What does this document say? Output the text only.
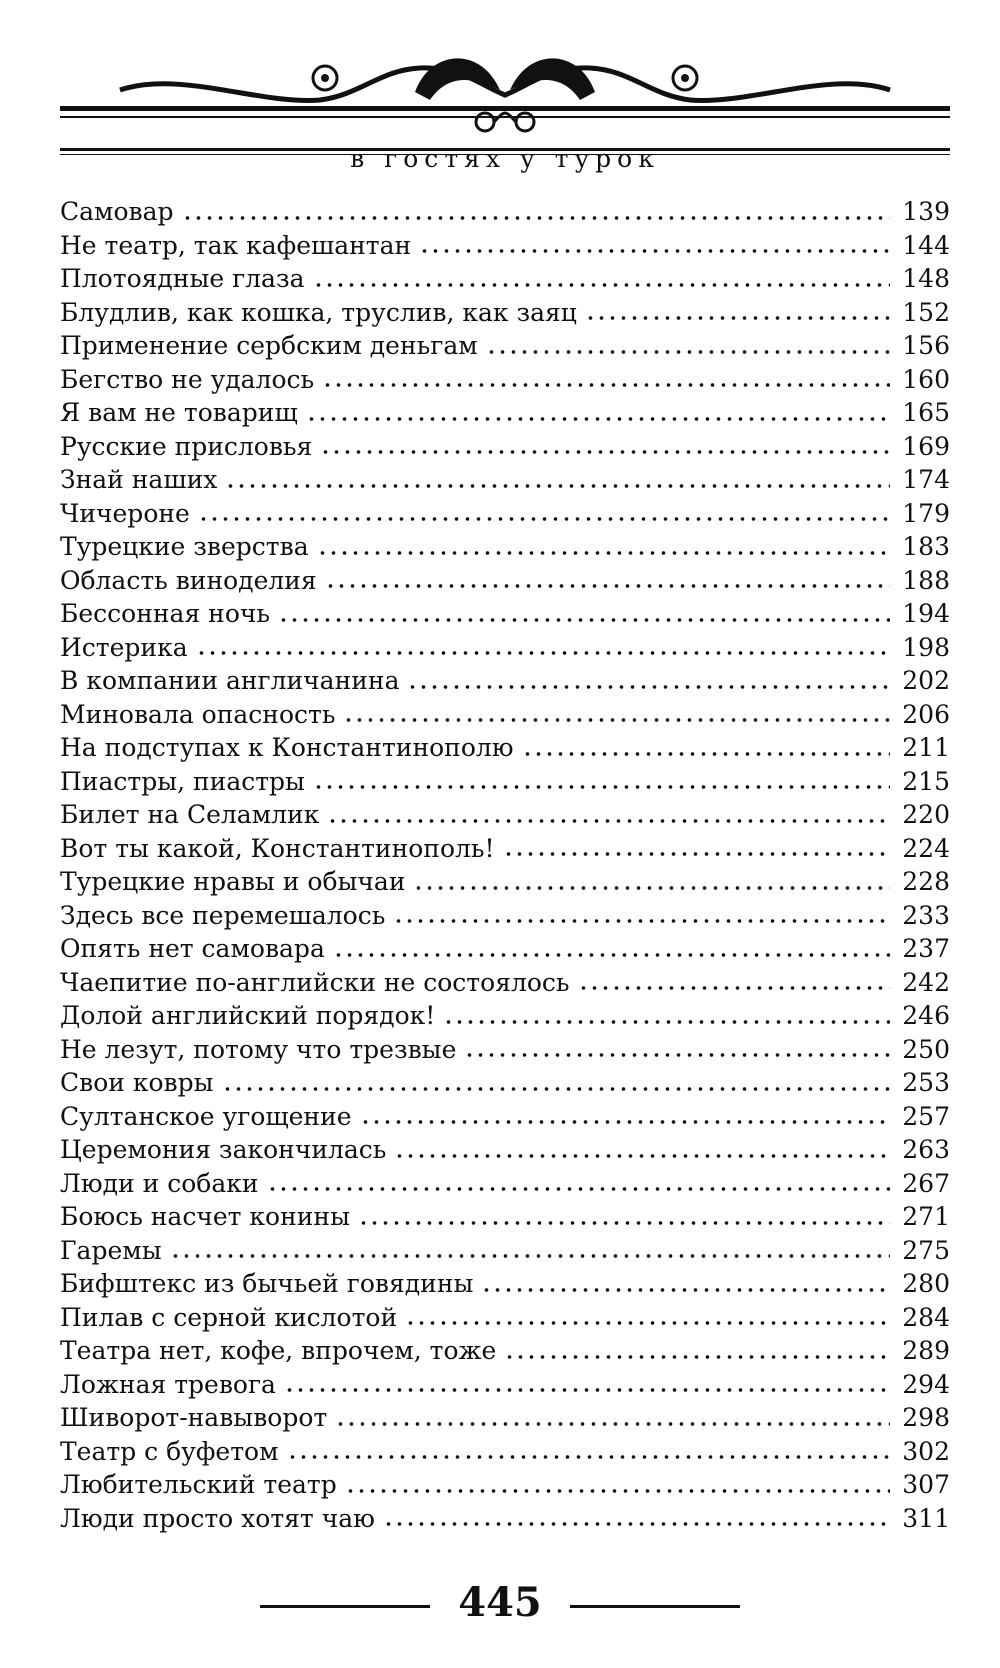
в гостях у турок
Самовар	139
Не театр, так кафешантан	144
Плотоядные глаза	148
Блудлив, как кошка, труслив, как заяц	152
Применение сербским деньгам	156
Бегство не удалось	160
Я вам не товарищ	165
Русские присловья	169
Знай наших	174
Чичероне	179
Турецкие зверства	183
Область виноделия	188
Бессонная ночь	194
Истерика	198
В компании англичанина	202
Миновала опасность	206
На подступах к Константинополю	211
Пиастры, пиастры	215
Билет на Селамлик	220
Вот ты какой, Константинополь!	224
Турецкие нравы и обычаи	228
Здесь все перемешалось	233
Опять нет самовара	237
Чаепитие по-английски не состоялось	242
Долой английский порядок!	246
Не лезут, потому что трезвые	250
Свои ковры	253
Султанское угощение	257
Церемония закончилась	263
Люди и собаки	267
Боюсь насчет конины	271
Гаремы	275
Бифштекс из бычьей говядины	280
Пилав с серной кислотой	284
Театра нет, кофе, впрочем, тоже	289
Ложная тревога	294
Шиворот-навыворот	298
Театр с буфетом	302
Любительский театр	307
Люди просто хотят чаю	311
445
